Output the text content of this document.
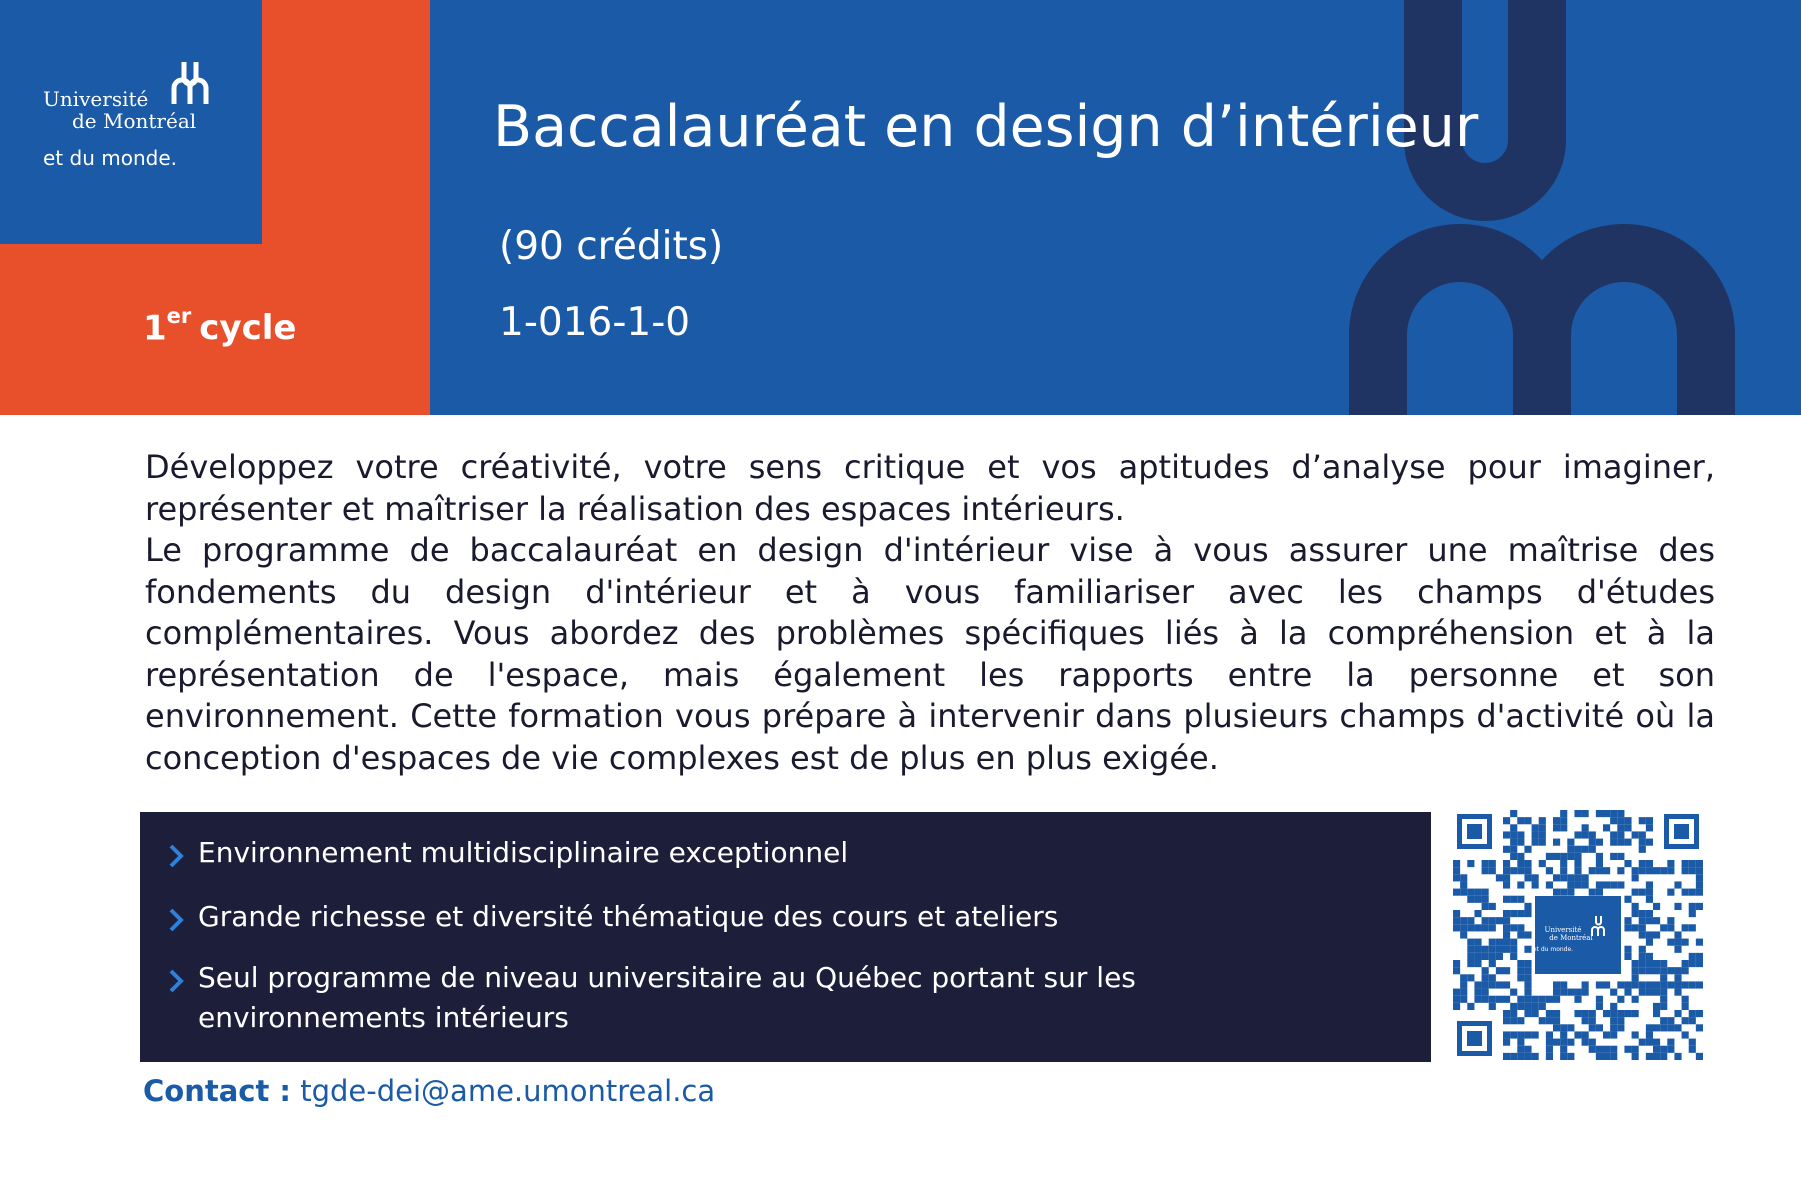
Université
de Montréal
et du monde.
1er cycle
Baccalauréat en design d’intérieur
(90 crédits)
1-016-1-0

Développez votre créativité, votre sens critique et vos aptitudes d’analyse pour imaginer, représenter et maîtriser la réalisation des espaces intérieurs.

Le programme de baccalauréat en design d'intérieur vise à vous assurer une maîtrise des fondements du design d'intérieur et à vous familiariser avec les champs d'études complémentaires. Vous abordez des problèmes spécifiques liés à la compréhension et à la représentation de l'espace, mais également les rapports entre la personne et son environnement. Cette formation vous prépare à intervenir dans plusieurs champs d'activité où la conception d'espaces de vie complexes est de plus en plus exigée.

Environnement multidisciplinaire exceptionnel
Grande richesse et diversité thématique des cours et ateliers
Seul programme de niveau universitaire au Québec portant sur les environnements intérieurs
Université
de Montréal
et du monde.
Contact : tgde-dei@ame.umontreal.ca
